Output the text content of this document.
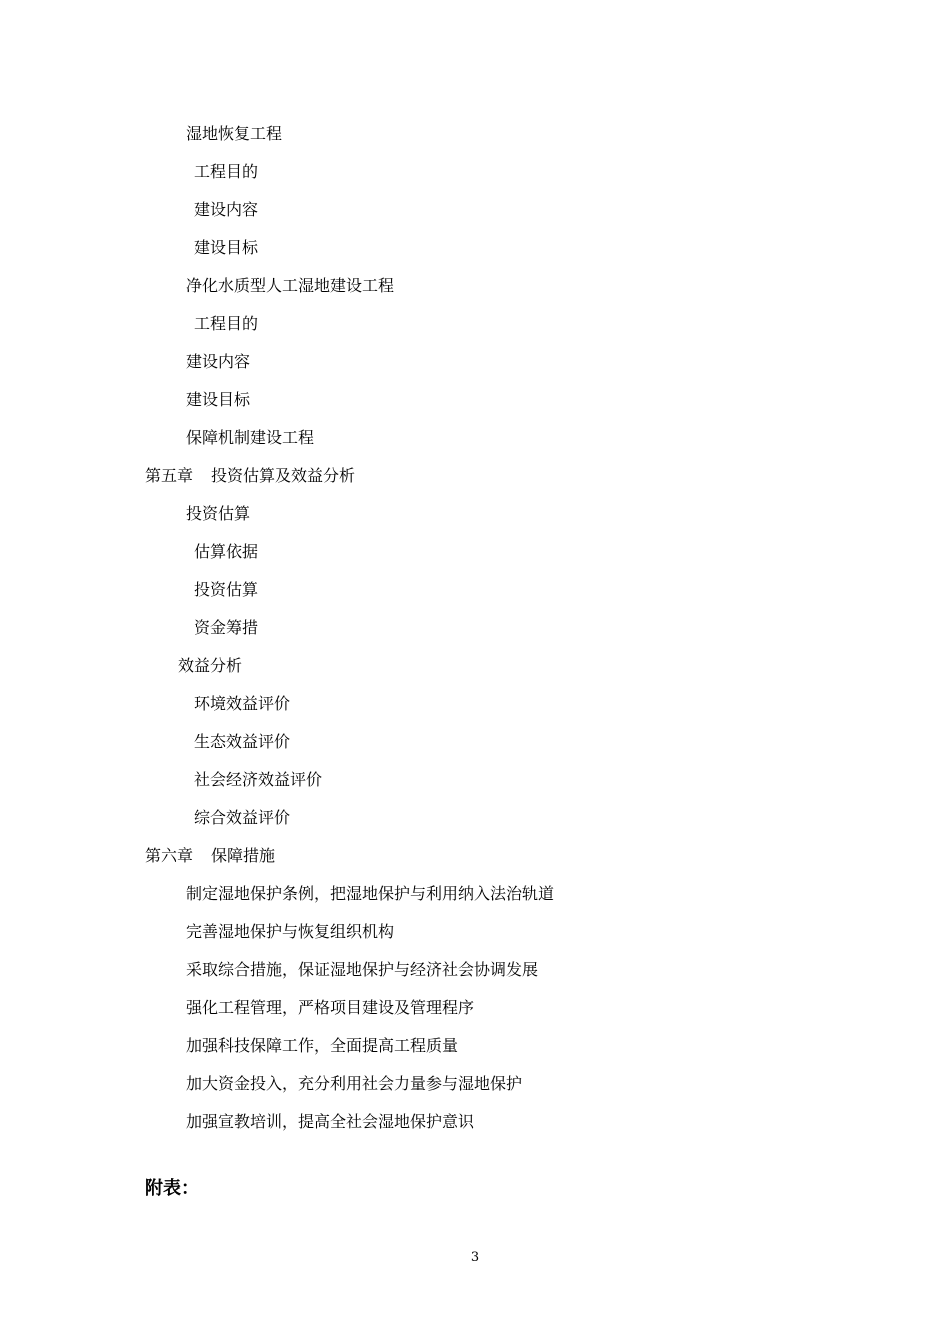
湿地恢复工程
工程目的
建设内容
建设目标
净化水质型人工湿地建设工程
工程目的
建设内容
建设目标
保障机制建设工程
第五章 投资估算及效益分析
投资估算
估算依据
投资估算
资金筹措
效益分析
环境效益评价
生态效益评价
社会经济效益评价
综合效益评价
第六章 保障措施
制定湿地保护条例，把湿地保护与利用纳入法治轨道
完善湿地保护与恢复组织机构
采取综合措施，保证湿地保护与经济社会协调发展
强化工程管理，严格项目建设及管理程序
加强科技保障工作，全面提高工程质量
加大资金投入，充分利用社会力量参与湿地保护
加强宣教培训，提高全社会湿地保护意识
附表：
3
